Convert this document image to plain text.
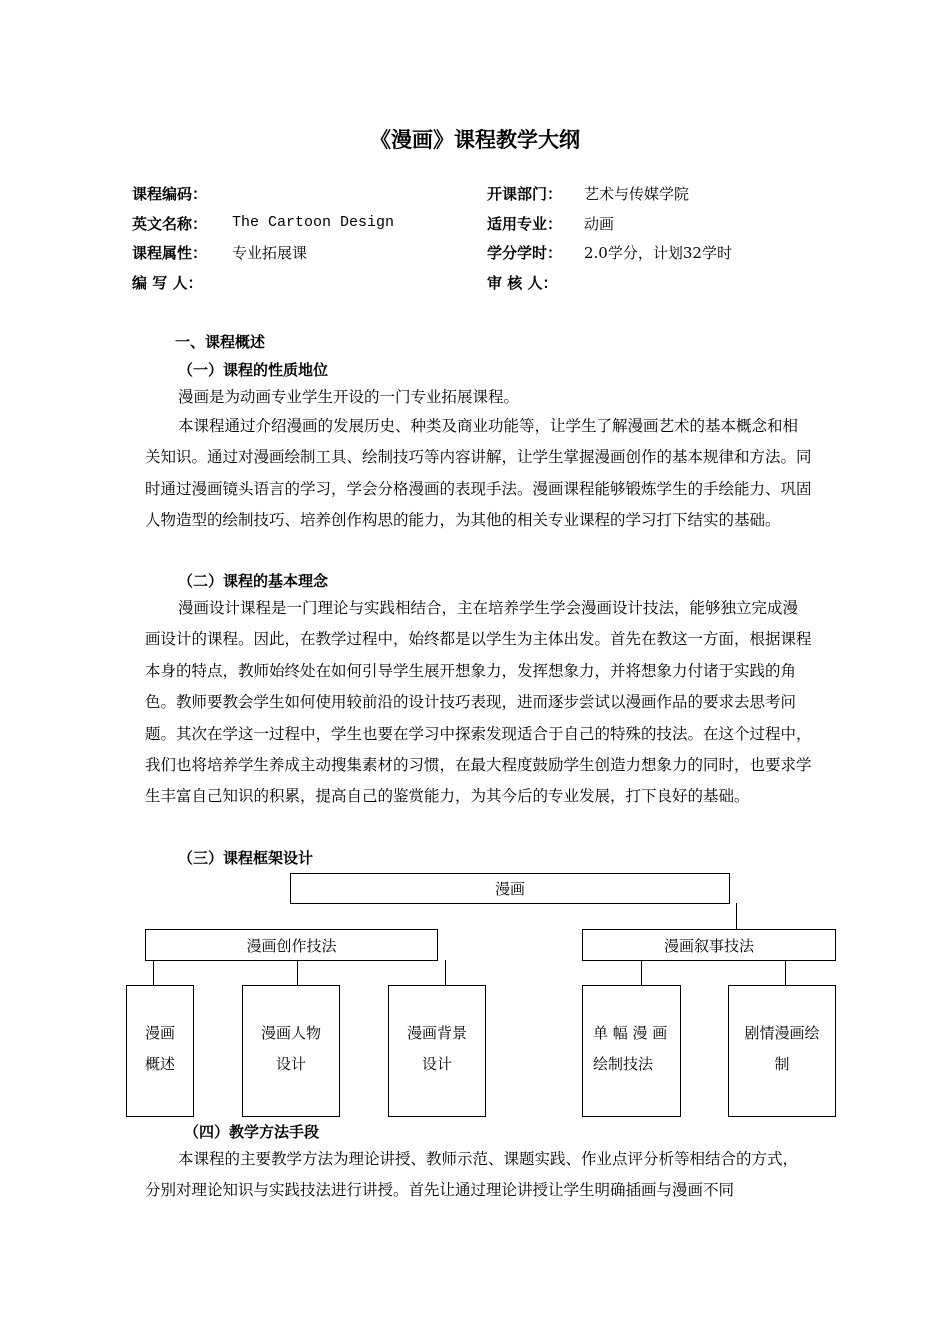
《漫画》课程教学大纲
课程编码：	开课部门： 艺术与传媒学院
英文名称： The Cartoon Design	适用专业： 动画
课程属性： 专业拓展课	学分学时： 2.0学分，计划32学时
编 写 人：	审 核 人：
一、课程概述
（一）课程的性质地位

漫画是为动画专业学生开设的一门专业拓展课程。

本课程通过介绍漫画的发展历史、种类及商业功能等，让学生了解漫画艺术的基本概念和相关知识。通过对漫画绘制工具、绘制技巧等内容讲解，让学生掌握漫画创作的基本规律和方法。同时通过漫画镜头语言的学习，学会分格漫画的表现手法。漫画课程能够锻炼学生的手绘能力、巩固人物造型的绘制技巧、培养创作构思的能力，为其他的相关专业课程的学习打下结实的基础。

（二）课程的基本理念

漫画设计课程是一门理论与实践相结合，主在培养学生学会漫画设计技法，能够独立完成漫画设计的课程。因此，在教学过程中，始终都是以学生为主体出发。首先在教这一方面，根据课程本身的特点，教师始终处在如何引导学生展开想象力，发挥想象力，并将想象力付诸于实践的角色。教师要教会学生如何使用较前沿的设计技巧表现，进而逐步尝试以漫画作品的要求去思考问题。其次在学这一过程中，学生也要在学习中探索发现适合于自己的特殊的技法。在这个过程中，我们也将培养学生养成主动搜集素材的习惯，在最大程度鼓励学生创造力想象力的同时，也要求学生丰富自己知识的积累，提高自己的鉴赏能力，为其今后的专业发展，打下良好的基础。

（三）课程框架设计
漫画
漫画创作技法	漫画叙事技法
漫画
概述
漫画人物
设计
漫画背景
设计
单 幅 漫 画
绘制技法
剧情漫画绘
制
（四）教学方法手段

本课程的主要教学方法为理论讲授、教师示范、课题实践、作业点评分析等相结合的方式，分别对理论知识与实践技法进行讲授。首先让通过理论讲授让学生明确插画与漫画不同
